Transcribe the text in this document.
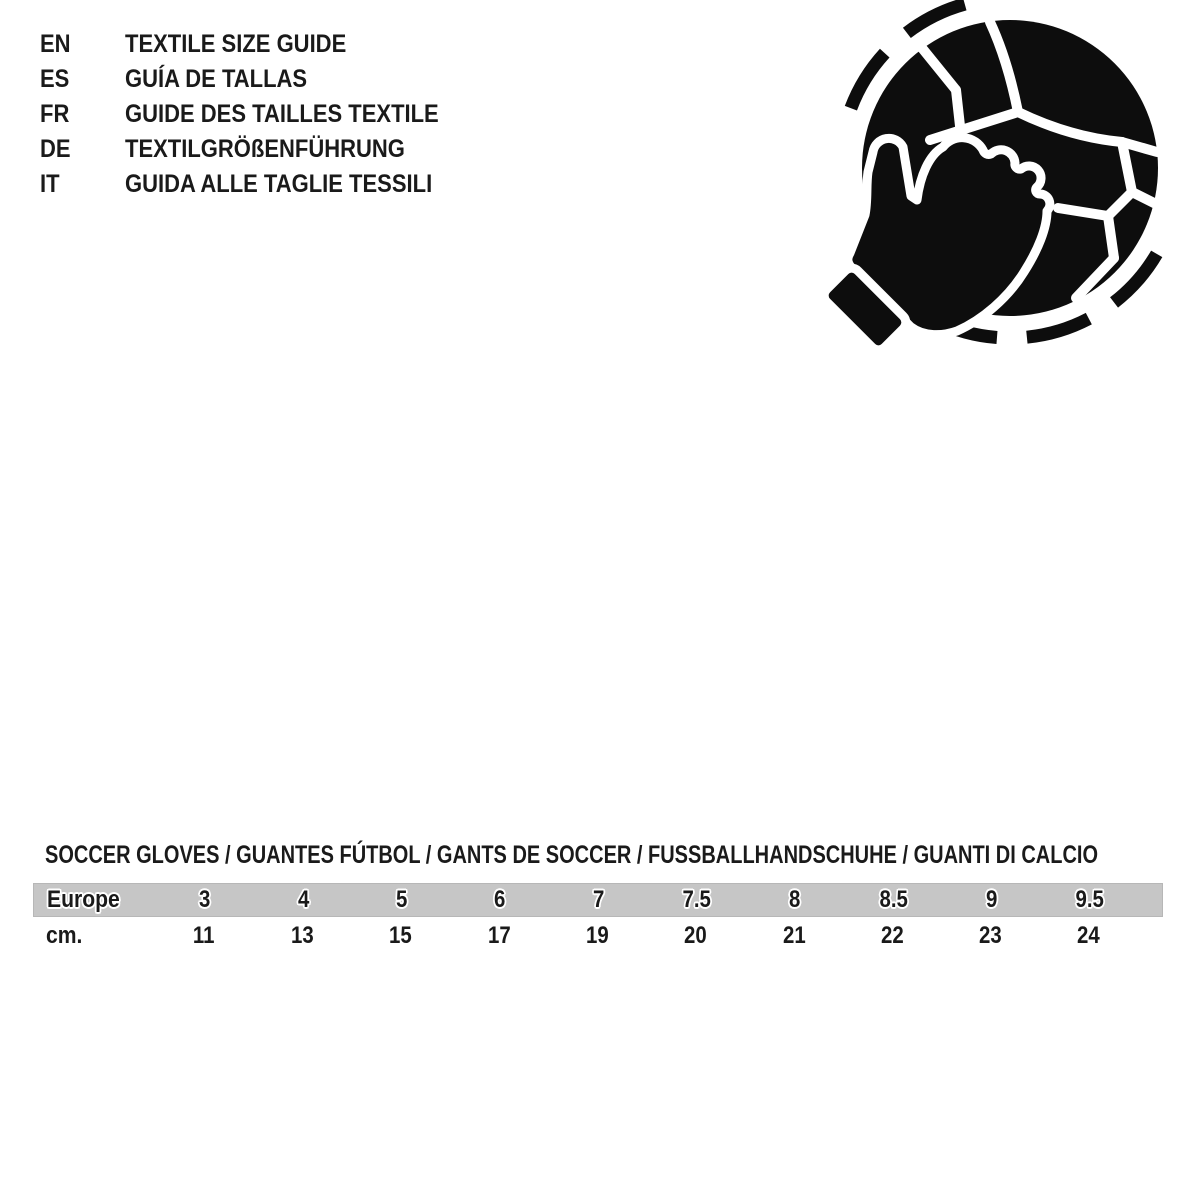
EN TEXTILE SIZE GUIDE
ES GUÍA DE TALLAS
FR GUIDE DES TAILLES TEXTILE
DE TEXTILGRÖßENFÜHRUNG
IT	GUIDA ALLE TAGLIE TESSILI
SOCCER GLOVES / GUANTES FÚTBOL / GANTS DE SOCCER / FUSSBALLHANDSCHUHE / GUANTI DI CALCIO
Europe	3	4	5	6	7	7.5	8	8.5	9	9.5
cm.	11	13	15	17	19	20	21	22	23	24
